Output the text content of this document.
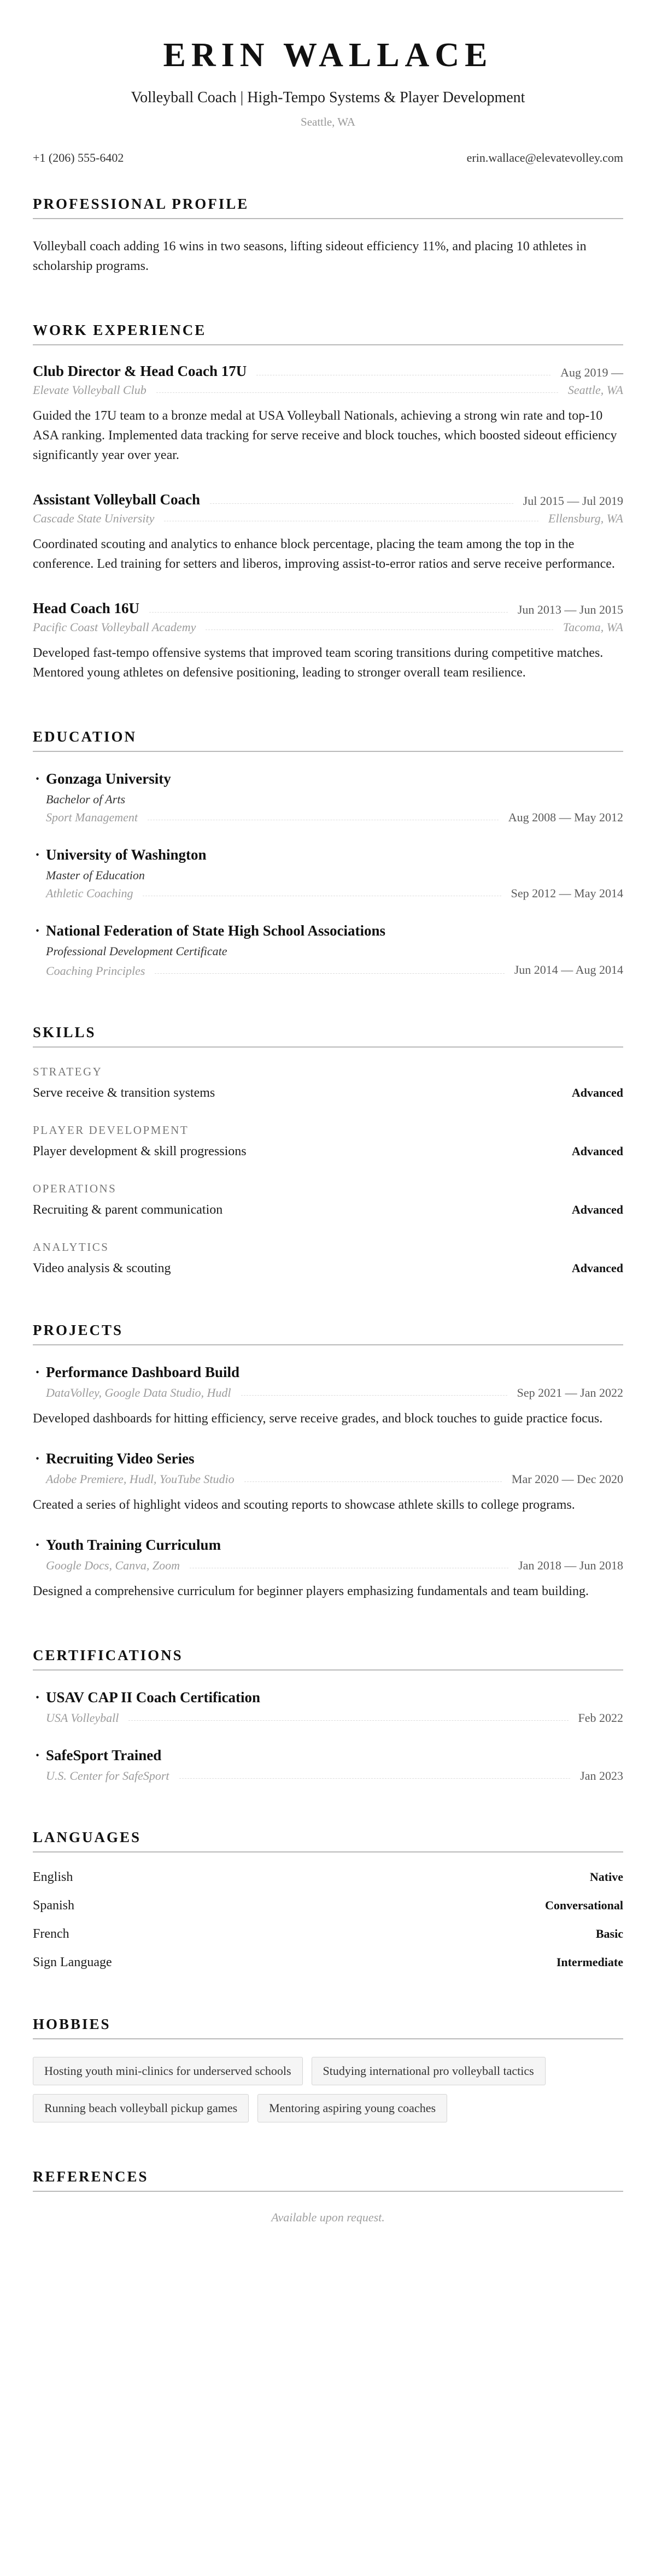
ERIN WALLACE
Volleyball Coach | High-Tempo Systems & Player Development
Seattle, WA
+1 (206) 555-6402	erin.wallace@elevatevolley.com
PROFESSIONAL PROFILE

Volleyball coach adding 16 wins in two seasons, lifting sideout efficiency 11%, and placing 10 athletes in scholarship programs.

WORK EXPERIENCE
Club Director & Head Coach 17U	Aug 2019 —
Elevate Volleyball Club	Seattle, WA

Guided the 17U team to a bronze medal at USA Volleyball Nationals, achieving a strong win rate and top-10 ASA ranking. Implemented data tracking for serve receive and block touches, which boosted sideout efficiency significantly year over year.

Assistant Volleyball Coach	Jul 2015 — Jul 2019
Cascade State University	Ellensburg, WA

Coordinated scouting and analytics to enhance block percentage, placing the team among the top in the conference. Led training for setters and liberos, improving assist-to-error ratios and serve receive performance.

Head Coach 16U	Jun 2013 — Jun 2015
Pacific Coast Volleyball Academy	Tacoma, WA

Developed fast-tempo offensive systems that improved team scoring transitions during competitive matches. Mentored young athletes on defensive positioning, leading to stronger overall team resilience.

EDUCATION
· Gonzaga University
Bachelor of Arts
Sport Management	Aug 2008 — May 2012
· University of Washington
Master of Education
Athletic Coaching	Sep 2012 — May 2014
· National Federation of State High School Associations
Professional Development Certificate
Coaching Principles	Jun 2014 — Aug 2014
SKILLS
STRATEGY
Serve receive & transition systems	Advanced
PLAYER DEVELOPMENT
Player development & skill progressions	Advanced
OPERATIONS
Recruiting & parent communication	Advanced
ANALYTICS
Video analysis & scouting	Advanced
PROJECTS
· Performance Dashboard Build
DataVolley, Google Data Studio, Hudl	Sep 2021 — Jan 2022

Developed dashboards for hitting efficiency, serve receive grades, and block touches to guide practice focus.

· Recruiting Video Series
Adobe Premiere, Hudl, YouTube Studio	Mar 2020 — Dec 2020

Created a series of highlight videos and scouting reports to showcase athlete skills to college programs.

· Youth Training Curriculum
Google Docs, Canva, Zoom	Jan 2018 — Jun 2018

Designed a comprehensive curriculum for beginner players emphasizing fundamentals and team building.

CERTIFICATIONS
· USAV CAP II Coach Certification
USA Volleyball	Feb 2022
· SafeSport Trained
U.S. Center for SafeSport	Jan 2023
LANGUAGES
English	Native
Spanish	Conversational
French	Basic
Sign Language	Intermediate
HOBBIES
Hosting youth mini-clinics for underserved schools	Studying international pro volleyball tactics
Running beach volleyball pickup games	Mentoring aspiring young coaches
REFERENCES
Available upon request.
